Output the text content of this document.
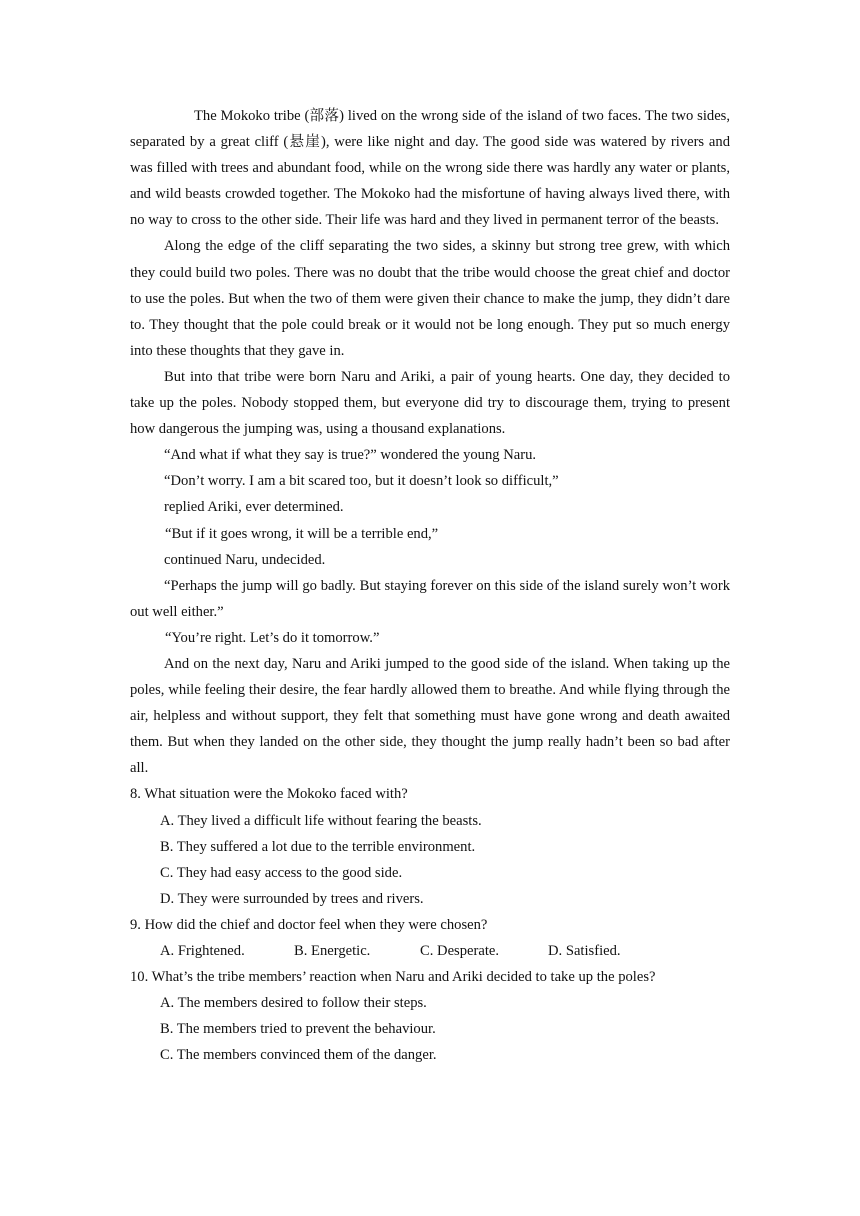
The Mokoko tribe (部落) lived on the wrong side of the island of two faces. The two sides, separated by a great cliff (悬崖), were like night and day. The good side was watered by rivers and was filled with trees and abundant food, while on the wrong side there was hardly any water or plants, and wild beasts crowded together. The Mokoko had the misfortune of having always lived there, with no way to cross to the other side. Their life was hard and they lived in permanent terror of the beasts.

Along the edge of the cliff separating the two sides, a skinny but strong tree grew, with which they could build two poles. There was no doubt that the tribe would choose the great chief and doctor to use the poles. But when the two of them were given their chance to make the jump, they didn’t dare to. They thought that the pole could break or it would not be long enough. They put so much energy into these thoughts that they gave in.

But into that tribe were born Naru and Ariki, a pair of young hearts. One day, they decided to take up the poles. Nobody stopped them, but everyone did try to discourage them, trying to present how dangerous the jumping was, using a thousand explanations.

“And what if what they say is true?” wondered the young Naru.

“Don’t worry. I am a bit scared too, but it doesn’t look so difficult,”

replied Ariki, ever determined.

“But if it goes wrong, it will be a terrible end,”

continued Naru, undecided.

“Perhaps the jump will go badly. But staying forever on this side of the island surely won’t work out well either.”

“You’re right. Let’s do it tomorrow.”

And on the next day, Naru and Ariki jumped to the good side of the island. When taking up the poles, while feeling their desire, the fear hardly allowed them to breathe. And while flying through the air, helpless and without support, they felt that something must have gone wrong and death awaited them. But when they landed on the other side, they thought the jump really hadn’t been so bad after all.

8. What situation were the Mokoko faced with?

A. They lived a difficult life without fearing the beasts.

B. They suffered a lot due to the terrible environment.

C. They had easy access to the good side.

D. They were surrounded by trees and rivers.

9. How did the chief and doctor feel when they were chosen?

A. Frightened.	B. Energetic.	C. Desperate.	D. Satisfied.

10. What’s the tribe members’ reaction when Naru and Ariki decided to take up the poles?

A. The members desired to follow their steps.

B. The members tried to prevent the behaviour.

C. The members convinced them of the danger.
